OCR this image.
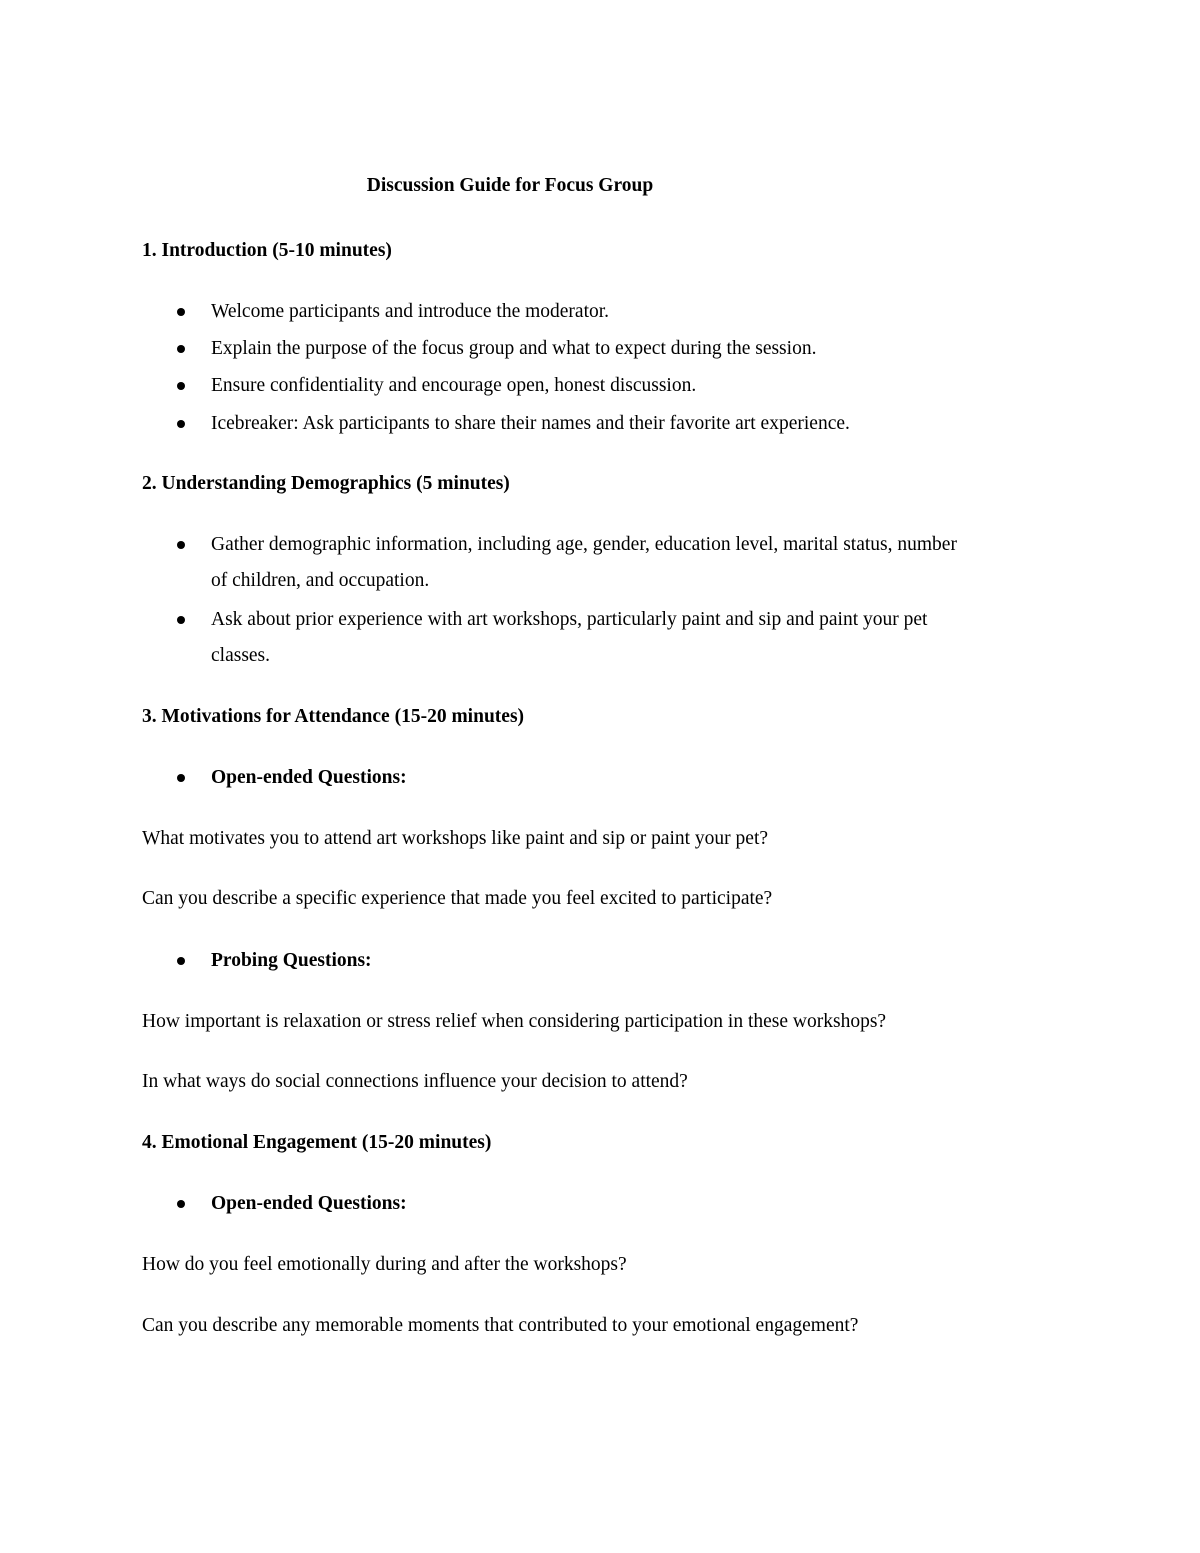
Discussion Guide for Focus Group
1. Introduction (5-10 minutes)
Welcome participants and introduce the moderator.
Explain the purpose of the focus group and what to expect during the session.
Ensure confidentiality and encourage open, honest discussion.
Icebreaker: Ask participants to share their names and their favorite art experience.
2. Understanding Demographics (5 minutes)
Gather demographic information, including age, gender, education level, marital status, number
of children, and occupation.
Ask about prior experience with art workshops, particularly paint and sip and paint your pet
classes.
3. Motivations for Attendance (15-20 minutes)
Open-ended Questions:
What motivates you to attend art workshops like paint and sip or paint your pet?
Can you describe a specific experience that made you feel excited to participate?
Probing Questions:
How important is relaxation or stress relief when considering participation in these workshops?
In what ways do social connections influence your decision to attend?
4. Emotional Engagement (15-20 minutes)
Open-ended Questions:
How do you feel emotionally during and after the workshops?
Can you describe any memorable moments that contributed to your emotional engagement?
